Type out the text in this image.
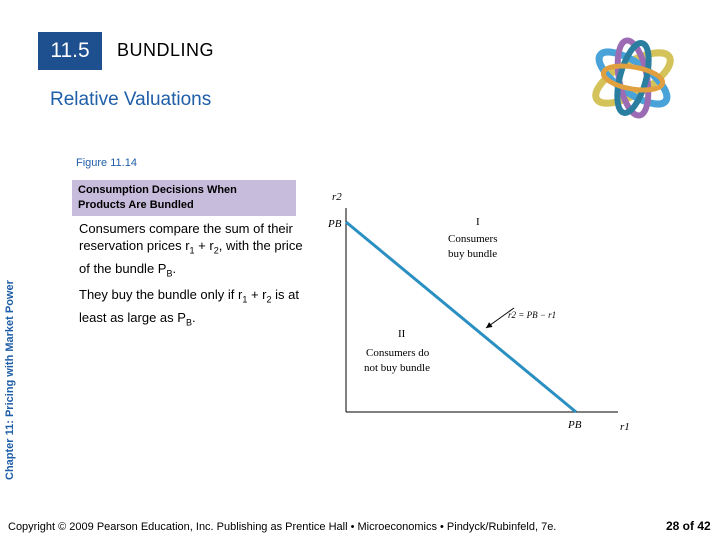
11.5	BUNDLING
Relative Valuations
Chapter 11: Pricing with Market Power
Figure 11.14
Consumption Decisions When
Products Are Bundled
Consumers compare the sum of their reservation prices $r_1 + r_2$, with the price of the bundle $P_B$.
They buy the bundle only if $r_1 + r_2$ is at least as large as $P_B$.
r2
PB
PB	r1
I
Consumers
buy bundle
II
Consumers do
not buy bundle
r2 = PB − r1
Copyright © 2009 Pearson Education, Inc. Publishing as Prentice Hall • Microeconomics • Pindyck/Rubinfeld, 7e.	28 of 42
